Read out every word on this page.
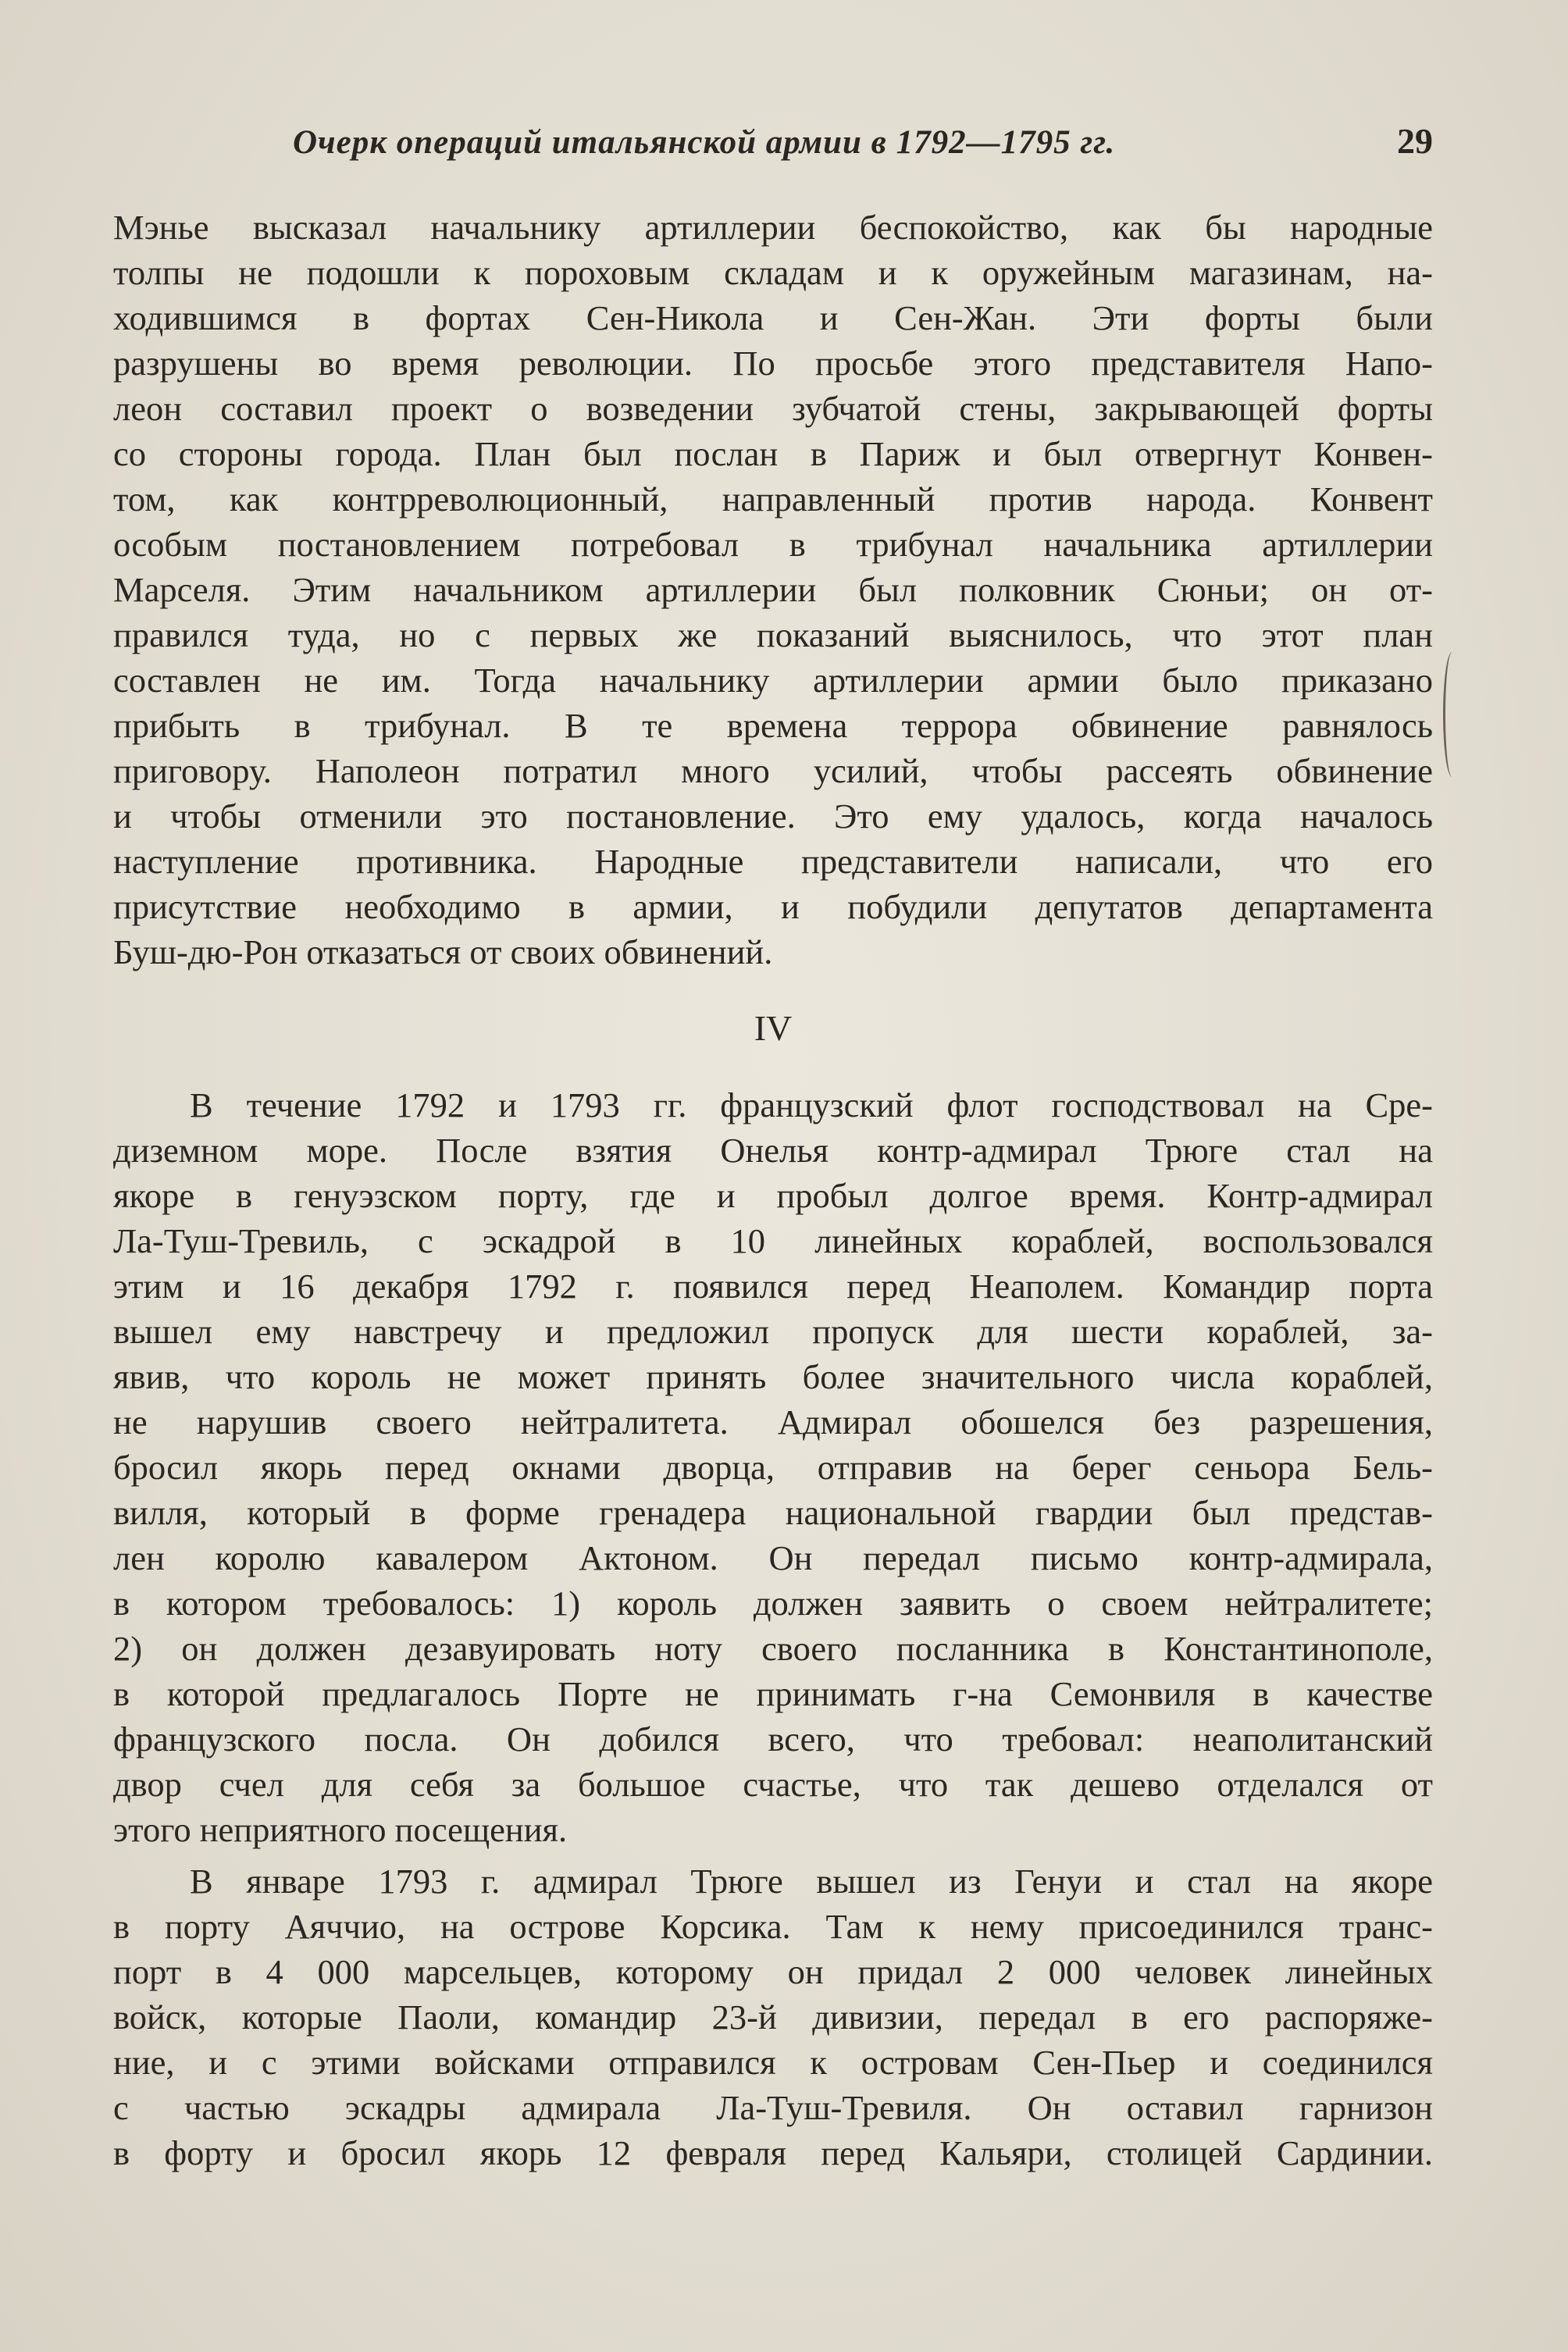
Очерк операций итальянской армии в 1792—1795 гг.	29
Мэнье высказал начальнику артиллерии беспокойство, как бы народные
толпы не подошли к пороховым складам и к оружейным магазинам, на-
ходившимся в фортах Сен-Никола и Сен-Жан. Эти форты были
разрушены во время революции. По просьбе этого представителя Напо-
леон составил проект о возведении зубчатой стены, закрывающей форты
со стороны города. План был послан в Париж и был отвергнут Конвен-
том, как контрреволюционный, направленный против народа. Конвент
особым постановлением потребовал в трибунал начальника артиллерии
Марселя. Этим начальником артиллерии был полковник Сюньи; он от-
правился туда, но с первых же показаний выяснилось, что этот план
составлен не им. Тогда начальнику артиллерии армии было приказано
прибыть в трибунал. В те времена террора обвинение равнялось
приговору. Наполеон потратил много усилий, чтобы рассеять обвинение
и чтобы отменили это постановление. Это ему удалось, когда началось
наступление противника. Народные представители написали, что его
присутствие необходимо в армии, и побудили депутатов департамента
Буш-дю-Рон отказаться от своих обвинений.
IV
В течение 1792 и 1793 гг. французский флот господствовал на Сре-
диземном море. После взятия Онелья контр-адмирал Трюге стал на
якоре в генуэзском порту, где и пробыл долгое время. Контр-адмирал
Ла-Туш-Тревиль, с эскадрой в 10 линейных кораблей, воспользовался
этим и 16 декабря 1792 г. появился перед Неаполем. Командир порта
вышел ему навстречу и предложил пропуск для шести кораблей, за-
явив, что король не может принять более значительного числа кораблей,
не нарушив своего нейтралитета. Адмирал обошелся без разрешения,
бросил якорь перед окнами дворца, отправив на берег сеньора Бель-
вилля, который в форме гренадера национальной гвардии был представ-
лен королю кавалером Актоном. Он передал письмо контр-адмирала,
в котором требовалось: 1) король должен заявить о своем нейтралитете;
2) он должен дезавуировать ноту своего посланника в Константинополе,
в которой предлагалось Порте не принимать г-на Семонвиля в качестве
французского посла. Он добился всего, что требовал: неаполитанский
двор счел для себя за большое счастье, что так дешево отделался от
этого неприятного посещения.
В январе 1793 г. адмирал Трюге вышел из Генуи и стал на якоре
в порту Аяччио, на острове Корсика. Там к нему присоединился транс-
порт в 4 000 марсельцев, которому он придал 2 000 человек линейных
войск, которые Паоли, командир 23-й дивизии, передал в его распоряже-
ние, и с этими войсками отправился к островам Сен-Пьер и соединился
с частью эскадры адмирала Ла-Туш-Тревиля. Он оставил гарнизон
в форту и бросил якорь 12 февраля перед Кальяри, столицей Сардинии.
